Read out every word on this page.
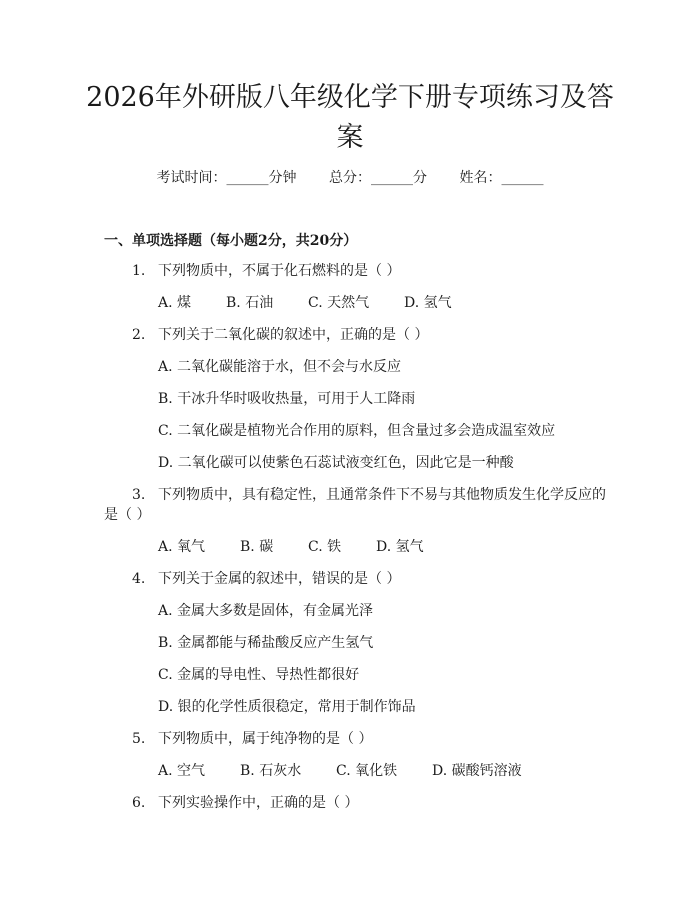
2026年外研版八年级化学下册专项练习及答
案
考试时间：______分钟 总分：______分 姓名：______
一、单项选择题（每小题2分，共20分）
1. 下列物质中，不属于化石燃料的是（ ）
A. 煤 B. 石油 C. 天然气 D. 氢气
2. 下列关于二氧化碳的叙述中，正确的是（ ）
A. 二氧化碳能溶于水，但不会与水反应
B. 干冰升华时吸收热量，可用于人工降雨
C. 二氧化碳是植物光合作用的原料，但含量过多会造成温室效应
D. 二氧化碳可以使紫色石蕊试液变红色，因此它是一种酸
3. 下列物质中，具有稳定性，且通常条件下不易与其他物质发生化学反应的
是（ ）
A. 氧气 B. 碳 C. 铁 D. 氢气
4. 下列关于金属的叙述中，错误的是（ ）
A. 金属大多数是固体，有金属光泽
B. 金属都能与稀盐酸反应产生氢气
C. 金属的导电性、导热性都很好
D. 银的化学性质很稳定，常用于制作饰品
5. 下列物质中，属于纯净物的是（ ）
A. 空气 B. 石灰水 C. 氧化铁 D. 碳酸钙溶液
6. 下列实验操作中，正确的是（ ）
